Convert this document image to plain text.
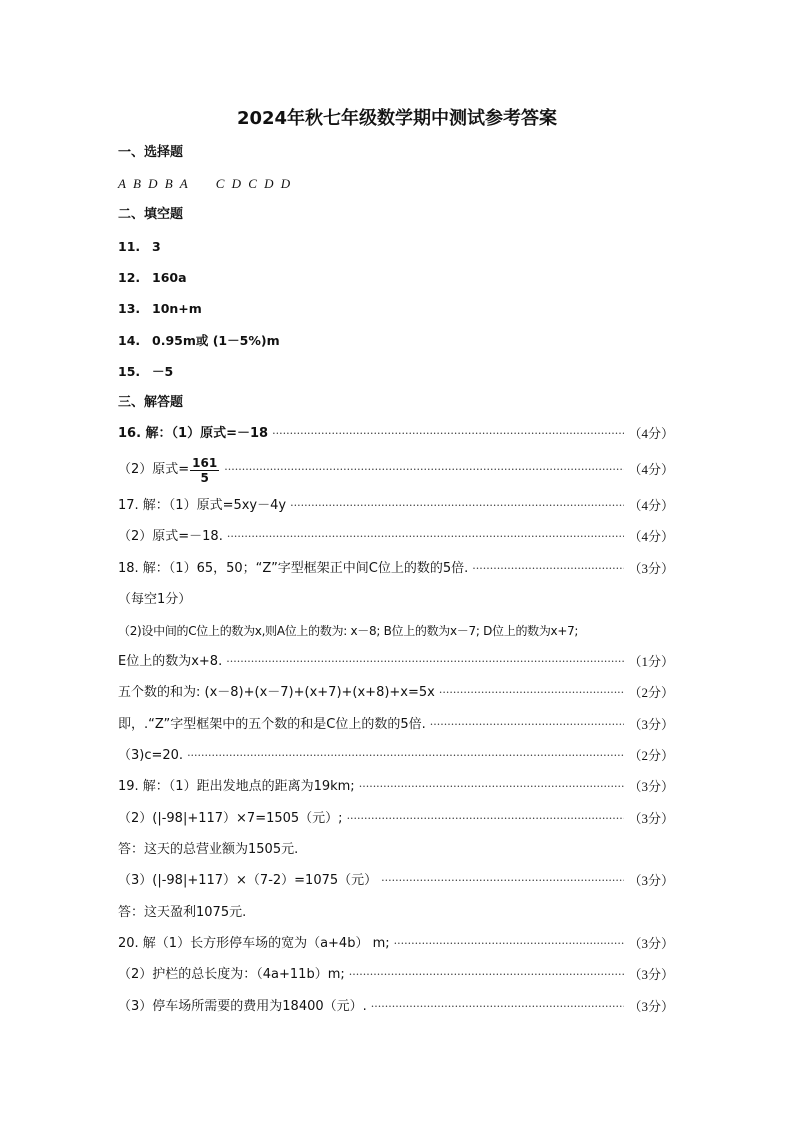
2024年秋七年级数学期中测试参考答案
一、选择题
A B D B A C D C D D
二、填空题
11. 3
12. 160a
13. 10n+m
14. 0.95m或 (1－5%)m
15. －5
三、解答题
16. 解：（1）原式=－18 ·····	（4分）
（2）原式= $\frac{161}{5}$ ·····	（4分）
17. 解：（1）原式=5xy－4y ·····	（4分）
（2）原式=－18. ·····	（4分）
18. 解：（1）65，50；“Z”字型框架正中间C位上的数的5倍. ·····	（3分）
（每空1分）
（2)设中间的C位上的数为x,则A位上的数为: x－8; B位上的数为x－7; D位上的数为x+7;
E位上的数为x+8. ·····	（1分）
五个数的和为: (x－8)+(x－7)+(x+7)+(x+8)+x=5x ·····	（2分）
即，.“Z”字型框架中的五个数的和是C位上的数的5倍. ·····	（3分）
（3)c=20. ·····	（2分）
19. 解：（1）距出发地点的距离为19km; ·····	（3分）
（2）(|-98|+117）×7=1505（元）; ·····	（3分）
答：这天的总营业额为1505元.
（3）(|-98|+117）×（7-2）=1075（元） ·····	（3分）
答：这天盈利1075元.
20. 解（1）长方形停车场的宽为（a+4b） m; ·····	（3分）
（2）护栏的总长度为：（4a+11b）m; ·····	（3分）
（3）停车场所需要的费用为18400（元）. ·····	（3分）
